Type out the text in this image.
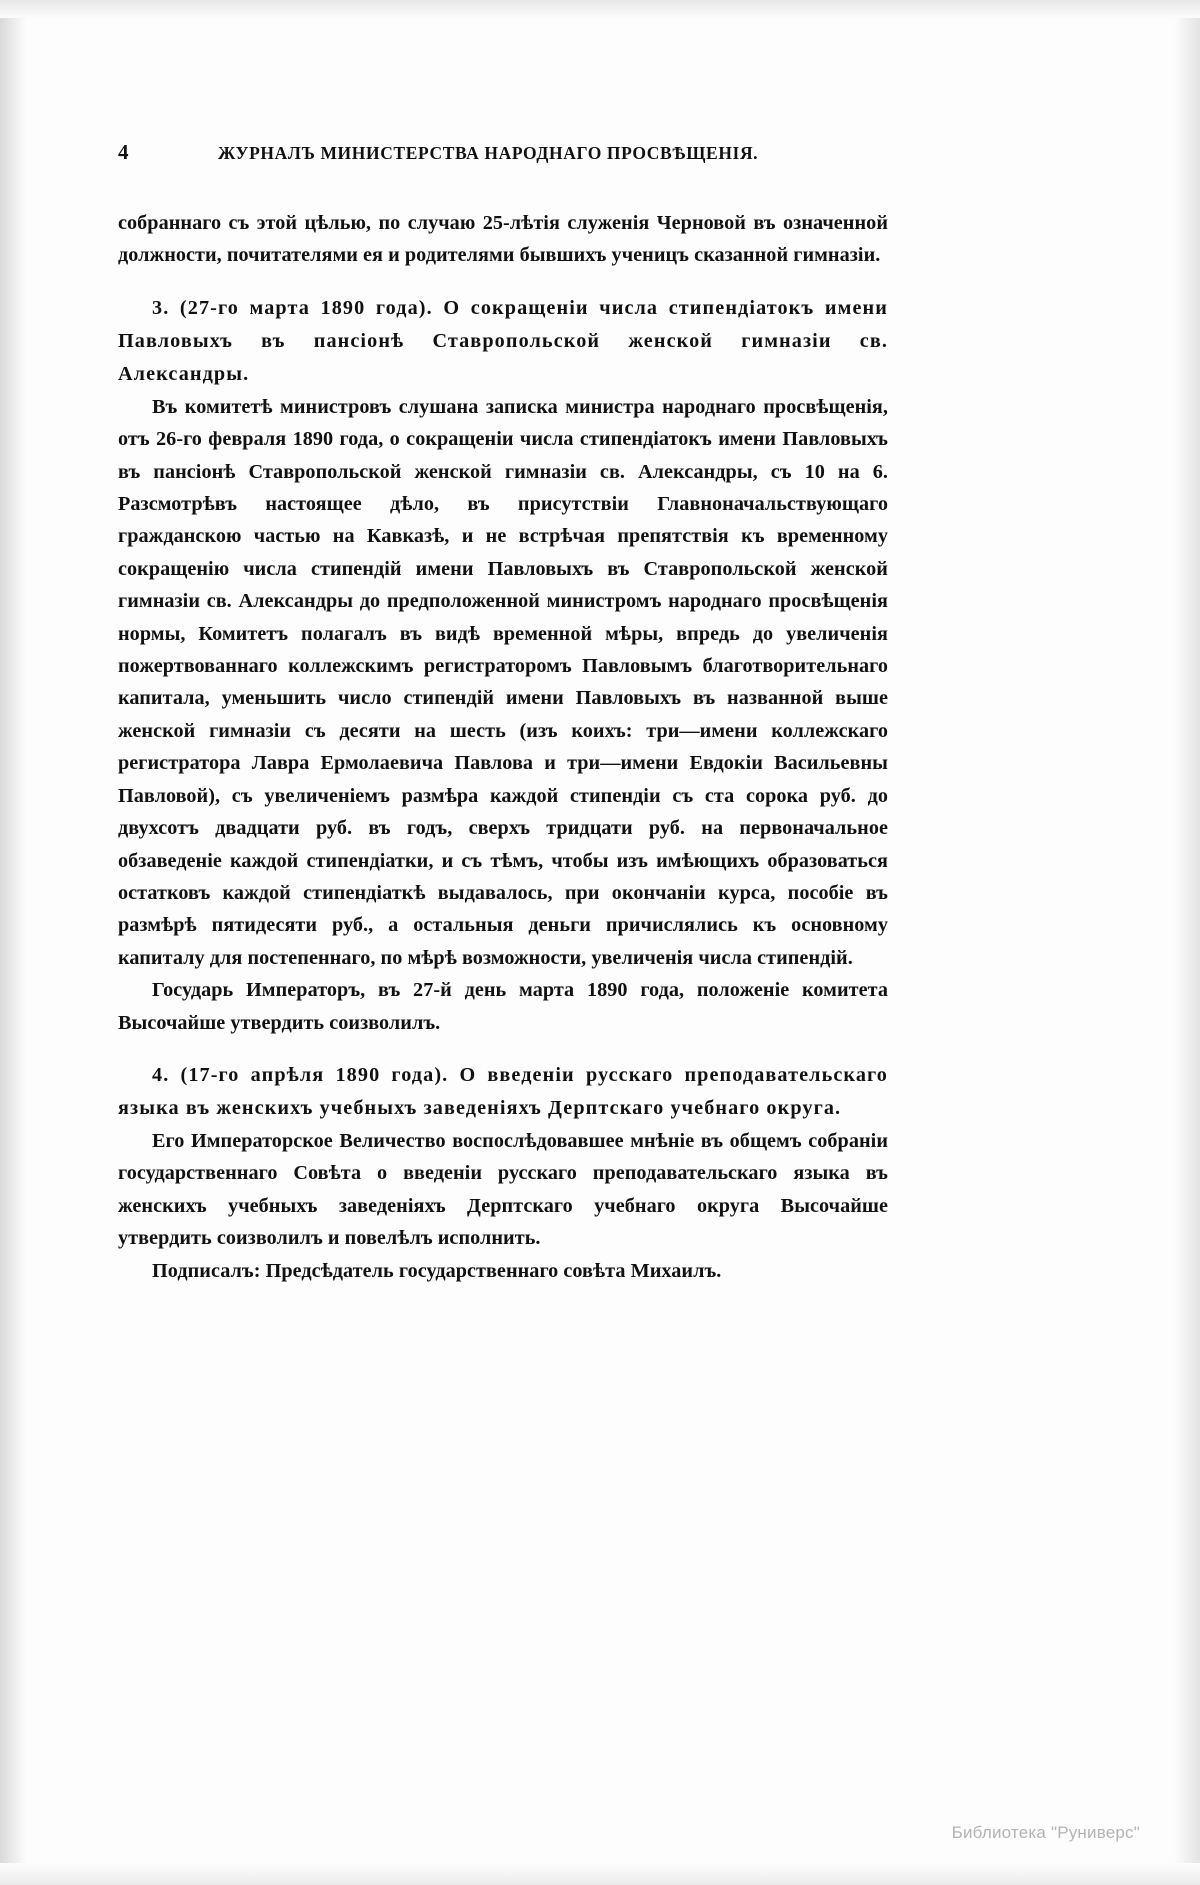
4	ЖУРНАЛЪ МИНИСТЕРСТВА НАРОДНАГО ПРОСВѢЩЕНІЯ.

собраннаго съ этой цѣлью, по случаю 25-лѣтія служенія Черновой въ означенной должности, почитателями ея и родителями бывшихъ ученицъ сказанной гимназіи.

3. (27-го марта 1890 года). О сокращеніи числа стипендіатокъ имени Павловыхъ въ пансіонѣ Ставропольской женской гимназіи св. Александры.

Въ комитетѣ министровъ слушана записка министра народнаго просвѣщенія, отъ 26-го февраля 1890 года, о сокращеніи числа стипендіатокъ имени Павловыхъ въ пансіонѣ Ставропольской женской гимназіи св. Александры, съ 10 на 6. Разсмотрѣвъ настоящее дѣло, въ присутствіи Главноначальствующаго гражданскою частью на Кавказѣ, и не встрѣчая препятствія къ временному сокращенію числа стипендій имени Павловыхъ въ Ставропольской женской гимназіи св. Александры до предположенной министромъ народнаго просвѣщенія нормы, Комитетъ полагалъ въ видѣ временной мѣры, впредь до увеличенія пожертвованнаго коллежскимъ регистраторомъ Павловымъ благотворительнаго капитала, уменьшить число стипендій имени Павловыхъ въ названной выше женской гимназіи съ десяти на шесть (изъ коихъ: три—имени коллежскаго регистратора Лавра Ермолаевича Павлова и три—имени Евдокіи Васильевны Павловой), съ увеличеніемъ размѣра каждой стипендіи съ ста сорока руб. до двухсотъ двадцати руб. въ годъ, сверхъ тридцати руб. на первоначальное обзаведеніе каждой стипендіатки, и съ тѣмъ, чтобы изъ имѣющихъ образоваться остатковъ каждой стипендіаткѣ выдавалось, при окончаніи курса, пособіе въ размѣрѣ пятидесяти руб., а остальныя деньги причислялись къ основному капиталу для постепеннаго, по мѣрѣ возможности, увеличенія числа стипендій.

Государь Императоръ, въ 27-й день марта 1890 года, положеніе комитета Высочайше утвердить соизволилъ.

4. (17-го апрѣля 1890 года). О введеніи русскаго преподавательскаго языка въ женскихъ учебныхъ заведеніяхъ Дерптскаго учебнаго округа.

Его Императорское Величество воспослѣдовавшее мнѣніе въ общемъ собраніи государственнаго Совѣта о введеніи русскаго преподавательскаго языка въ женскихъ учебныхъ заведеніяхъ Дерптскаго учебнаго округа Высочайше утвердить соизволилъ и повелѣлъ исполнить.

Подписалъ: Предсѣдатель государственнаго совѣта Михаилъ.

Библиотека "Руниверс"
